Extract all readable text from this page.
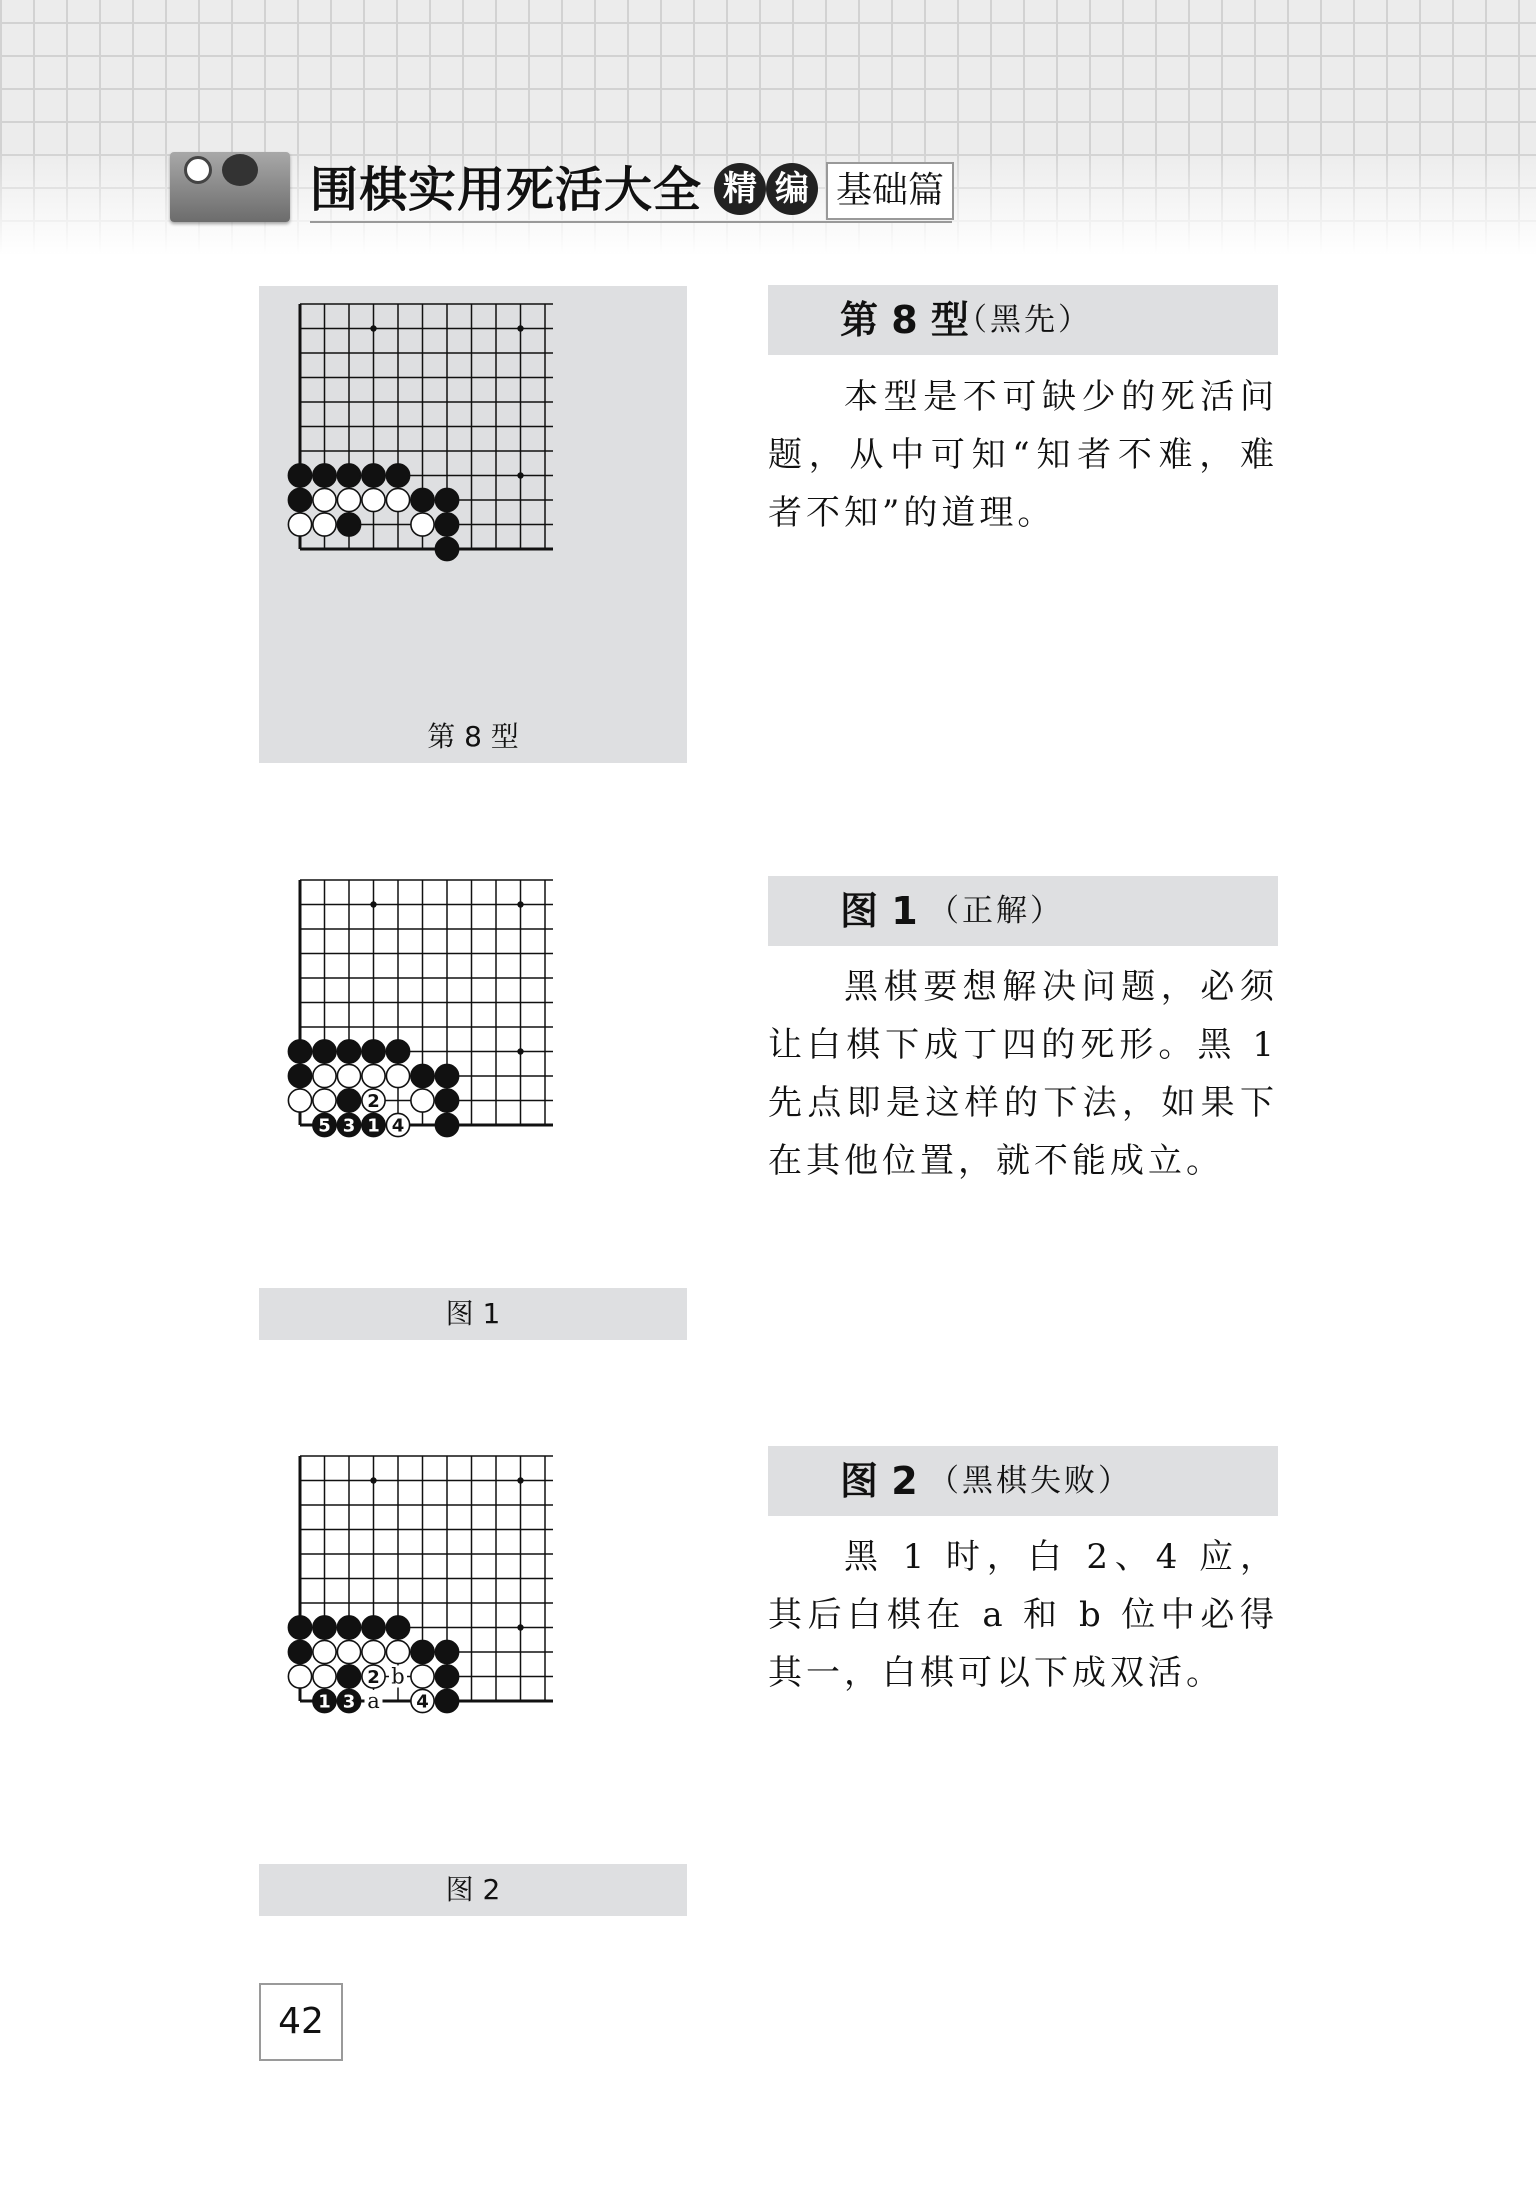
围棋实用死活大全 精 编 基础篇
第 8 型
第 8 型
（黑先）

本型是不可缺少的死活问题，从中可知“知者不难，难者不知”的道理。

1
2
3 4
5
图 1
图 1 （正解）

黑棋要想解决问题，必须让白棋下成丁四的死形。黑 1 先点即是这样的下法，如果下在其他位置，就不能成立。

1
2
3	4
a
b
图 2
图 2 （黑棋失败）

黑 1 时，白 2、4 应，其后白棋在 a 和 b 位中必得其一，白棋可以下成双活。

42
